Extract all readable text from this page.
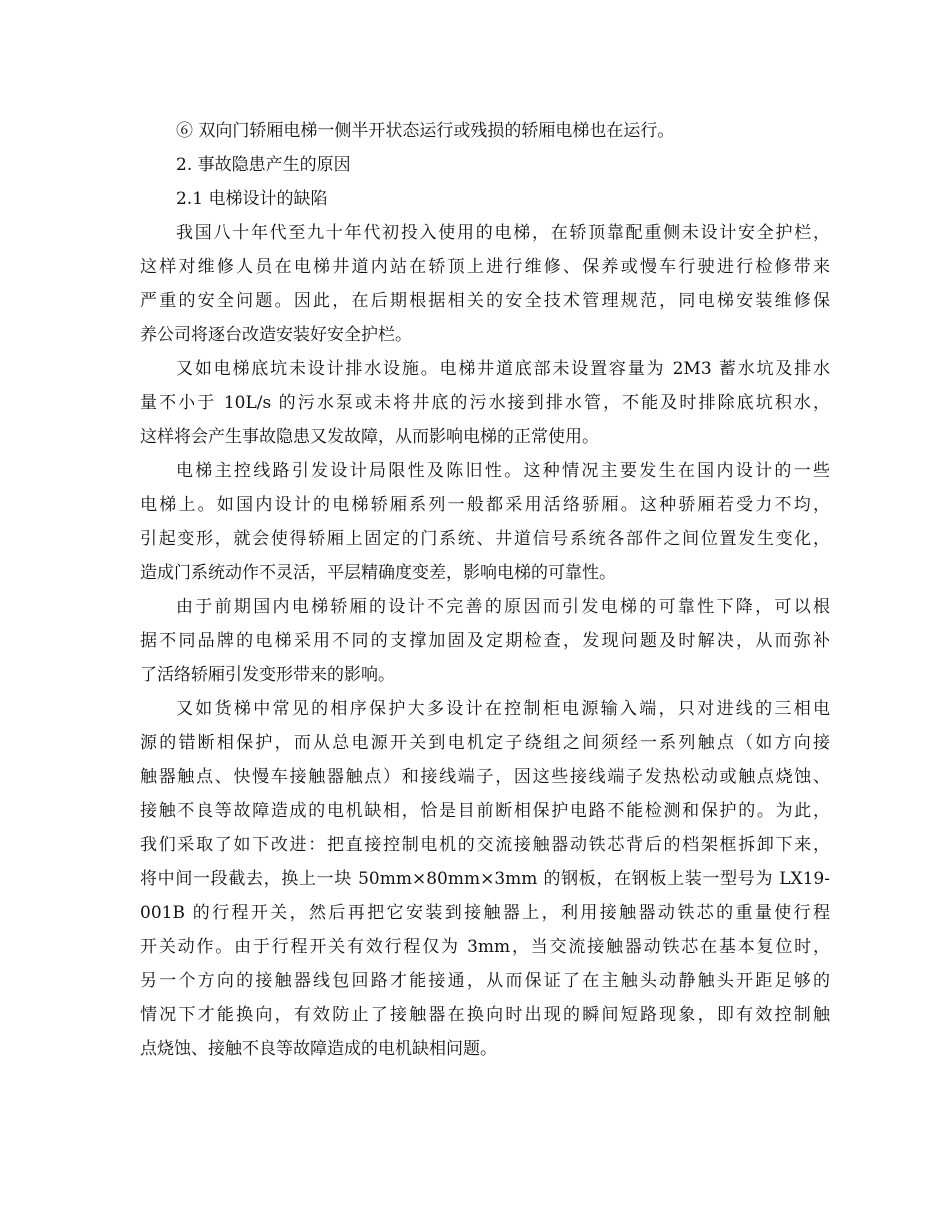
⑥ 双向门轿厢电梯一侧半开状态运行或残损的轿厢电梯也在运行。
2. 事故隐患产生的原因
2.1 电梯设计的缺陷
我国八十年代至九十年代初投入使用的电梯，在轿顶靠配重侧未设计安全护栏，
这样对维修人员在电梯井道内站在轿顶上进行维修、保养或慢车行驶进行检修带来
严重的安全问题。因此，在后期根据相关的安全技术管理规范，同电梯安装维修保
养公司将逐台改造安装好安全护栏。
又如电梯底坑未设计排水设施。电梯井道底部未设置容量为 2M3 蓄水坑及排水
量不小于 10L/s 的污水泵或未将井底的污水接到排水管，不能及时排除底坑积水，
这样将会产生事故隐患又发故障，从而影响电梯的正常使用。
电梯主控线路引发设计局限性及陈旧性。这种情况主要发生在国内设计的一些
电梯上。如国内设计的电梯轿厢系列一般都采用活络骄厢。这种骄厢若受力不均，
引起变形，就会使得轿厢上固定的门系统、井道信号系统各部件之间位置发生变化，
造成门系统动作不灵活，平层精确度变差，影响电梯的可靠性。
由于前期国内电梯轿厢的设计不完善的原因而引发电梯的可靠性下降，可以根
据不同品牌的电梯采用不同的支撑加固及定期检查，发现问题及时解决，从而弥补
了活络轿厢引发变形带来的影响。
又如货梯中常见的相序保护大多设计在控制柜电源输入端，只对进线的三相电
源的错断相保护，而从总电源开关到电机定子绕组之间须经一系列触点（如方向接
触器触点、快慢车接触器触点）和接线端子，因这些接线端子发热松动或触点烧蚀、
接触不良等故障造成的电机缺相，恰是目前断相保护电路不能检测和保护的。为此，
我们采取了如下改进：把直接控制电机的交流接触器动铁芯背后的档架框拆卸下来，
将中间一段截去，换上一块 50mm×80mm×3mm 的钢板，在钢板上装一型号为 LX19-
001B 的行程开关，然后再把它安装到接触器上，利用接触器动铁芯的重量使行程
开关动作。由于行程开关有效行程仅为 3mm，当交流接触器动铁芯在基本复位时，
另一个方向的接触器线包回路才能接通，从而保证了在主触头动静触头开距足够的
情况下才能换向，有效防止了接触器在换向时出现的瞬间短路现象，即有效控制触
点烧蚀、接触不良等故障造成的电机缺相问题。
